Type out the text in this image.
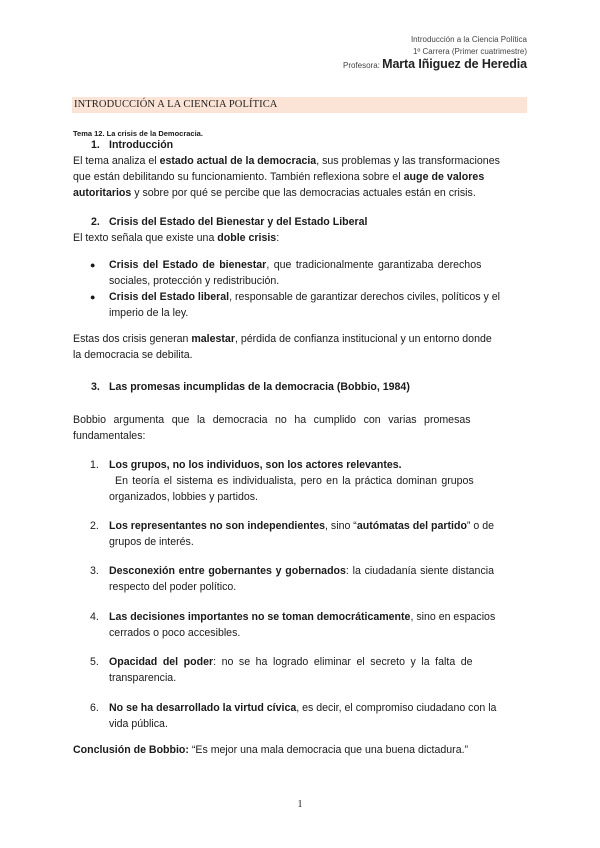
Introducción a la Ciencia Política
1º Carrera (Primer cuatrimestre)
Profesora: Marta Iñiguez de Heredia
INTRODUCCIÓN A LA CIENCIA POLÍTICA
Tema 12. La crisis de la Democracia.
1. Introducción
El tema analiza el estado actual de la democracia, sus problemas y las transformaciones
que están debilitando su funcionamiento. También reflexiona sobre el auge de valores
autoritarios y sobre por qué se percibe que las democracias actuales están en crisis.
2. Crisis del Estado del Bienestar y del Estado Liberal
El texto señala que existe una doble crisis:
● Crisis del Estado de bienestar, que tradicionalmente garantizaba derechos
sociales, protección y redistribución.
● Crisis del Estado liberal, responsable de garantizar derechos civiles, políticos y el
imperio de la ley.
Estas dos crisis generan malestar, pérdida de confianza institucional y un entorno donde
la democracia se debilita.
3. Las promesas incumplidas de la democracia (Bobbio, 1984)
Bobbio argumenta que la democracia no ha cumplido con varias promesas
fundamentales:
1. Los grupos, no los individuos, son los actores relevantes.
En teoría el sistema es individualista, pero en la práctica dominan grupos
organizados, lobbies y partidos.
2. Los representantes no son independientes, sino “autómatas del partido” o de
grupos de interés.
3. Desconexión entre gobernantes y gobernados: la ciudadanía siente distancia
respecto del poder político.
4. Las decisiones importantes no se toman democráticamente, sino en espacios
cerrados o poco accesibles.
5. Opacidad del poder: no se ha logrado eliminar el secreto y la falta de
transparencia.
6. No se ha desarrollado la virtud cívica, es decir, el compromiso ciudadano con la
vida pública.
Conclusión de Bobbio: “Es mejor una mala democracia que una buena dictadura.”
1
